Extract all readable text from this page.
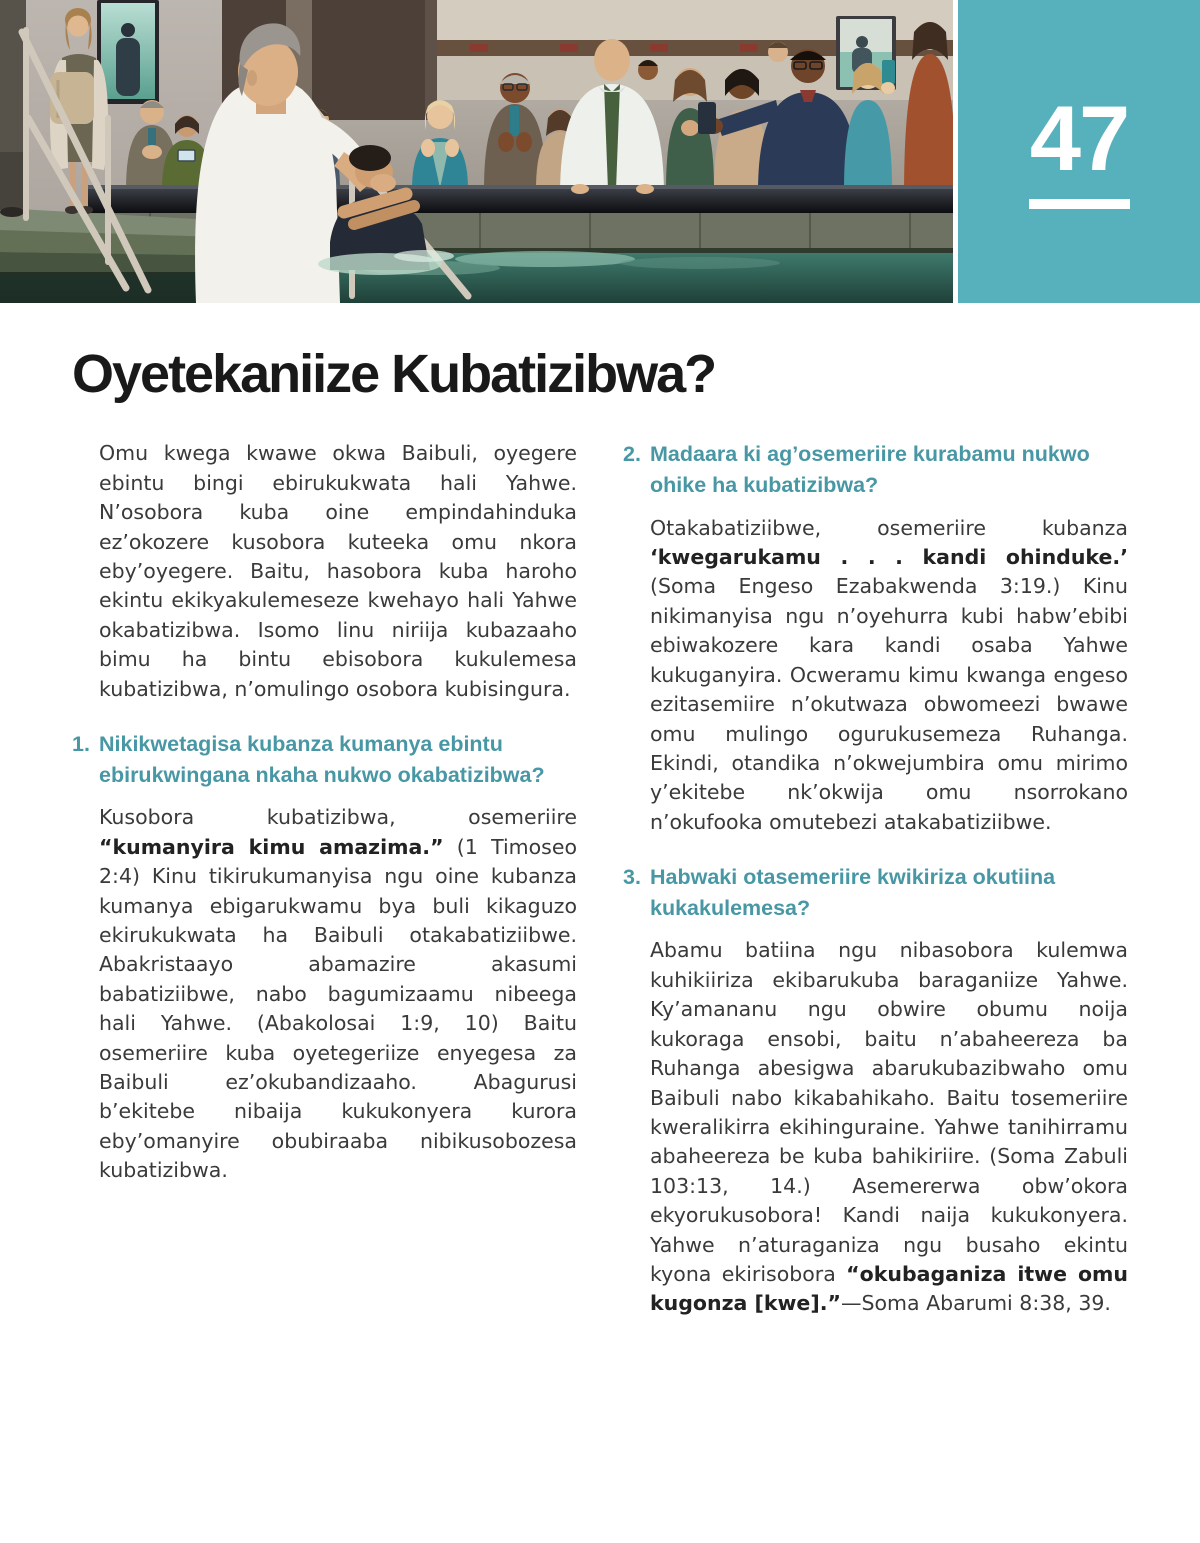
47
Oyetekaniize Kubatizibwa?

Omu kwega kwawe okwa Baibuli, oyegere ebintu bingi ebirukukwata hali Yahwe. N’osobora kuba oine empindahinduka ez’okozere kusobora kuteeka omu nkora eby’oyegere. Baitu, hasobora kuba haroho ekintu ekikyakulemeseze kwehayo hali Yahwe okabatizibwa. Isomo linu niriija kubazaaho bimu ha bintu ebisobora kukulemesa kubatizibwa, n’omulingo osobora kubisingura.

1. Nikikwetagisa kubanza kumanya ebintu ebirukwingana nkaha nukwo okabatizibwa?

Kusobora kubatizibwa, osemeriire “kumanyira kimu amazima.” (1 Timoseo 2:4) Kinu tikirukumanyisa ngu oine kubanza kumanya ebigarukwamu bya buli kikaguzo ekirukukwata ha Baibuli otakabatiziibwe. Abakristaayo abamazire akasumi babatiziibwe, nabo bagumizaamu nibeega hali Yahwe. (Abakolosai 1:9, 10) Baitu osemeriire kuba oyetegeriize enyegesa za Baibuli ez’okubandizaaho. Abagurusi b’ekitebe nibaija kukukonyera kurora eby’omanyire obubiraaba nibikusobozesa kubatizibwa.

2. Madaara ki ag’osemeriire kurabamu nukwo ohike ha kubatizibwa?

Otakabatiziibwe, osemeriire kubanza ‘kwegarukamu . . . kandi ohinduke.’ (Soma Engeso Ezabakwenda 3:19.) Kinu nikimanyisa ngu n’oyehurra kubi habw’ebibi ebiwakozere kara kandi osaba Yahwe kukuganyira. Ocweramu kimu kwanga engeso ezitasemiire n’okutwaza obwomeezi bwawe omu mulingo ogurukusemeza Ruhanga. Ekindi, otandika n’okwejumbira omu mirimo y’ekitebe nk’okwija omu nsorrokano n’okufooka omutebezi atakabatiziibwe.

3. Habwaki otasemeriire kwikiriza okutiina kukakulemesa?

Abamu batiina ngu nibasobora kulemwa kuhikiiriza ekibarukuba baraganiize Yahwe. Ky’amananu ngu obwire obumu noija kukoraga ensobi, baitu n’abaheereza ba Ruhanga abesigwa abarukubazibwaho omu Baibuli nabo kikabahikaho. Baitu tosemeriire kweralikirra ekihinguraine. Yahwe tanihirramu abaheereza be kuba bahikiriire. (Soma Zabuli 103:13, 14.) Asemererwa obw’okora ekyorukusobora! Kandi naija kukukonyera. Yahwe n’aturaganiza ngu busaho ekintu kyona ekirisobora “okubaganiza itwe omu kugonza [kwe].”—Soma Abarumi 8:38, 39.
